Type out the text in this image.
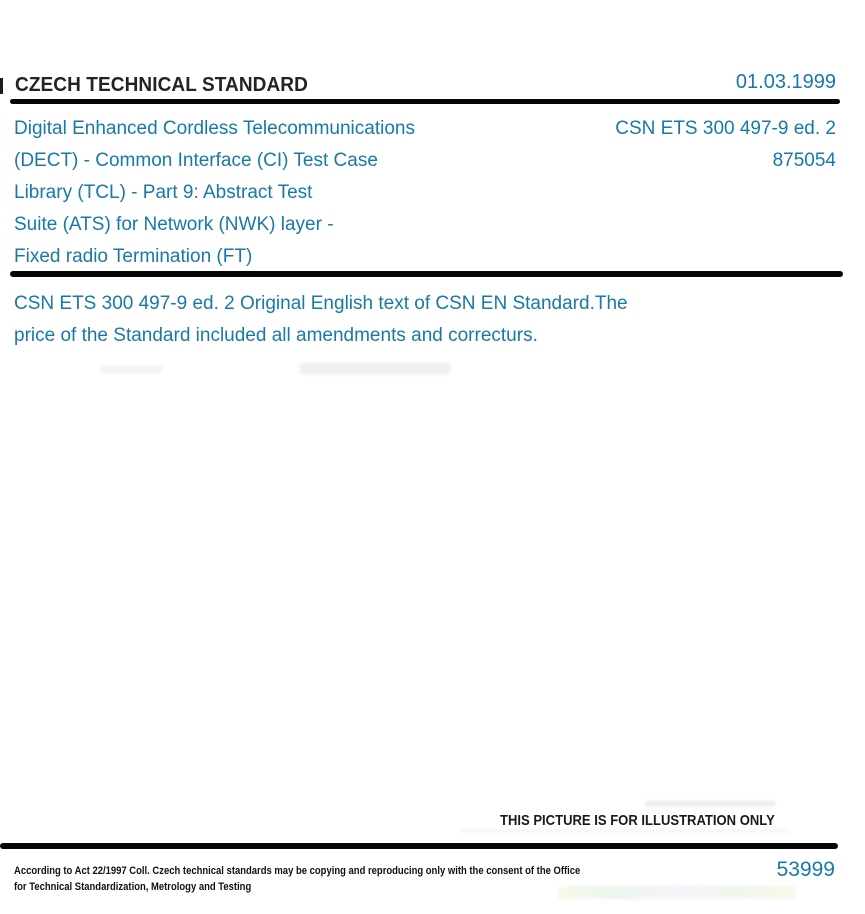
CZECH TECHNICAL STANDARD	01.03.1999
Digital Enhanced Cordless Telecommunications
(DECT) - Common Interface (CI) Test Case
Library (TCL) - Part 9: Abstract Test
Suite (ATS) for Network (NWK) layer -
Fixed radio Termination (FT)
CSN ETS 300 497-9 ed. 2
875054
CSN ETS 300 497-9 ed. 2 Original English text of CSN EN Standard.The
price of the Standard included all amendments and correcturs.
THIS PICTURE IS FOR ILLUSTRATION ONLY
According to Act 22/1997 Coll. Czech technical standards may be copying and reproducing only with the consent of the Office
for Technical Standardization, Metrology and Testing
53999
